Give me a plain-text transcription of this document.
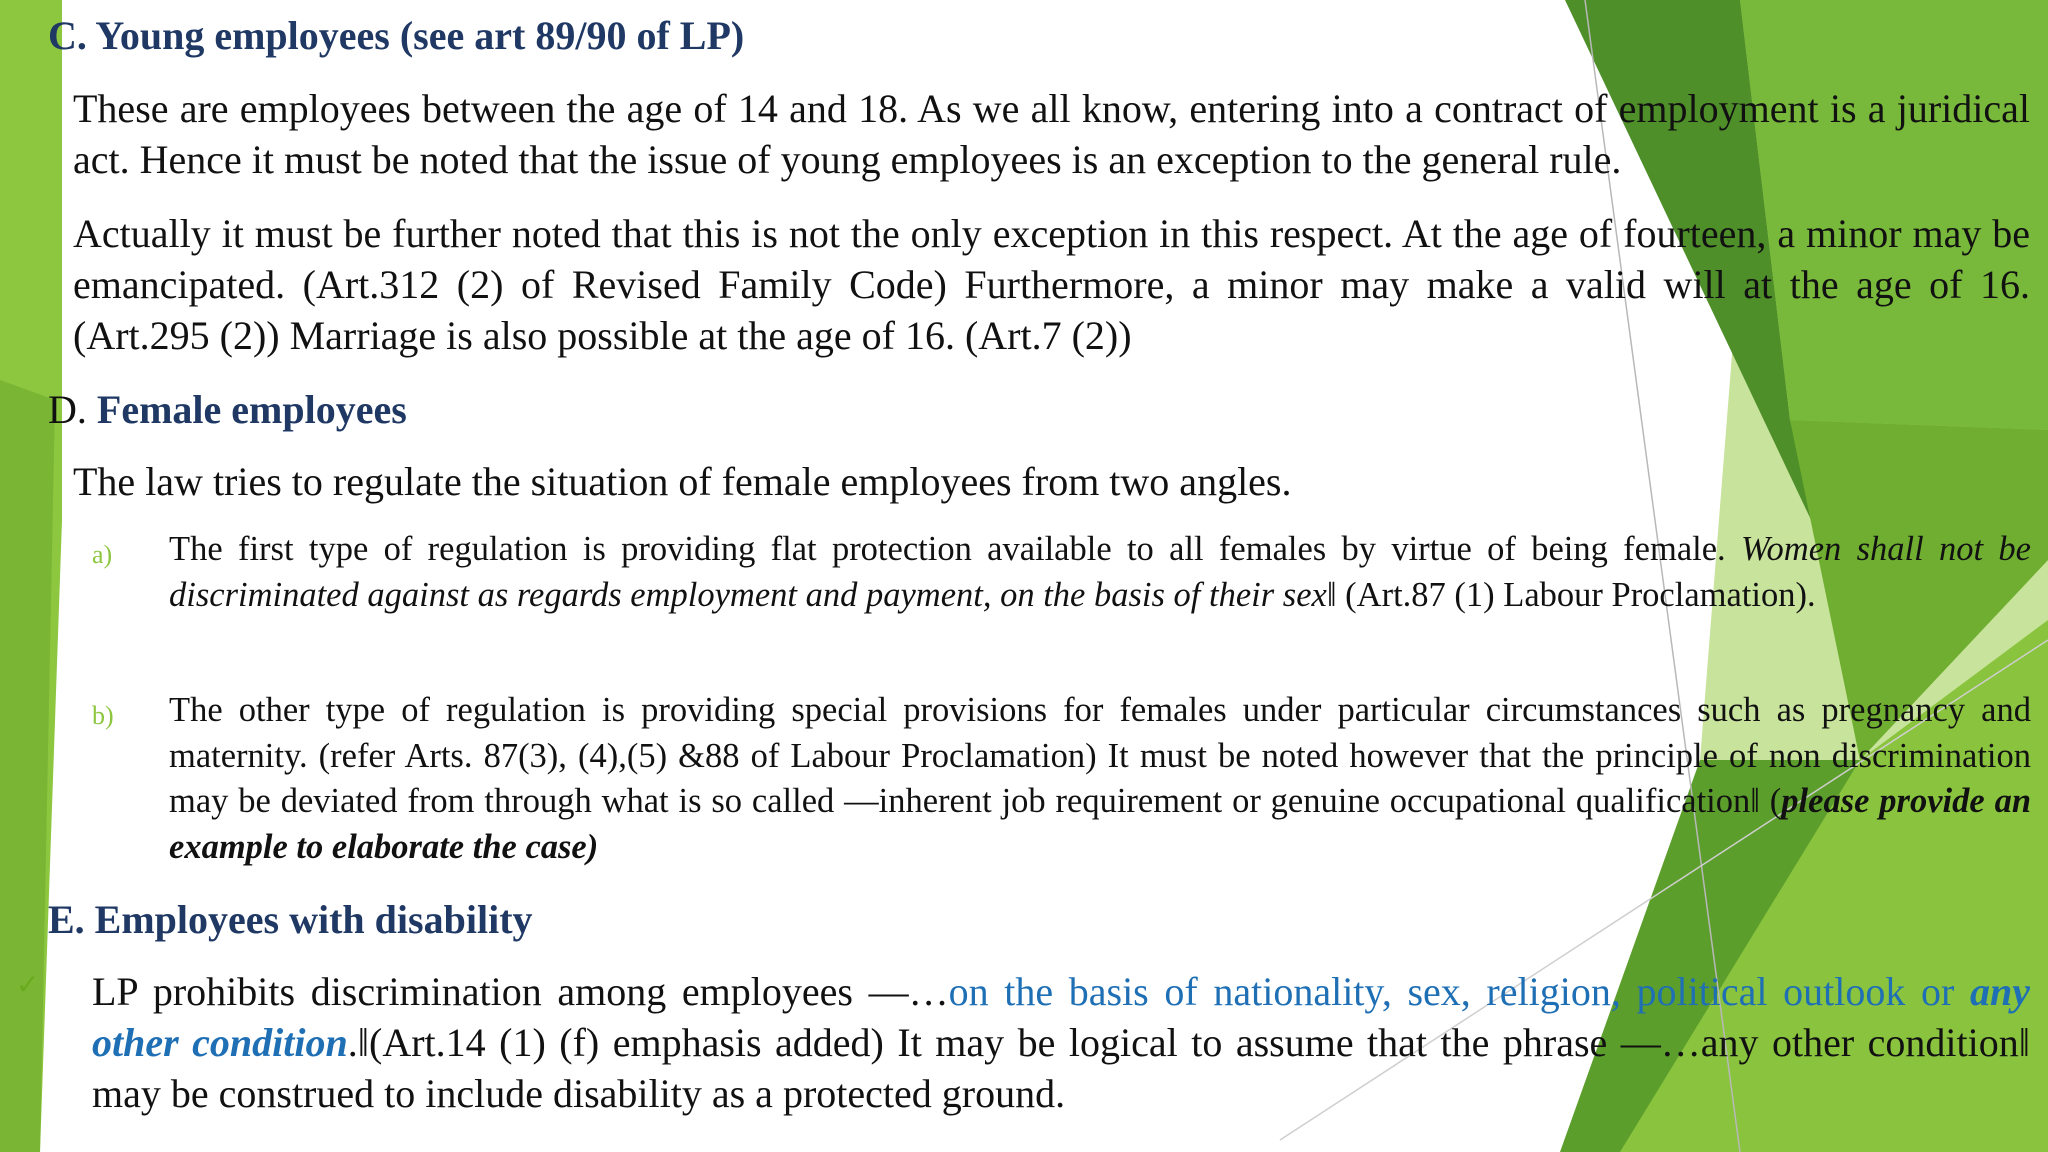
C. Young employees (see art 89/90 of LP)

These are employees between the age of 14 and 18. As we all know, entering into a contract of employment is a juridical act. Hence it must be noted that the issue of young employees is an exception to the general rule.

Actually it must be further noted that this is not the only exception in this respect. At the age of fourteen, a minor may be emancipated. (Art.312 (2) of Revised Family Code) Furthermore, a minor may make a valid will at the age of 16. (Art.295 (2)) Marriage is also possible at the age of 16. (Art.7 (2))

D. Female employees

The law tries to regulate the situation of female employees from two angles.

a) The first type of regulation is providing flat protection available to all females by virtue of being female. Women shall not be discriminated against as regards employment and payment, on the basis of their sex‖ (Art.87 (1) Labour Proclamation).

b) The other type of regulation is providing special provisions for females under particular circumstances such as pregnancy and maternity. (refer Arts. 87(3), (4),(5) &88 of Labour Proclamation) It must be noted however that the principle of non discrimination may be deviated from through what is so called ―inherent job requirement or genuine occupational qualification‖ (please provide an example to elaborate the case)

E. Employees with disability
✓ LP prohibits discrimination among employees ―…on the basis of nationality, sex, religion, political outlook or any other condition.‖(Art.14 (1) (f) emphasis added) It may be logical to assume that the phrase ―…any other condition‖ may be construed to include disability as a protected ground.
